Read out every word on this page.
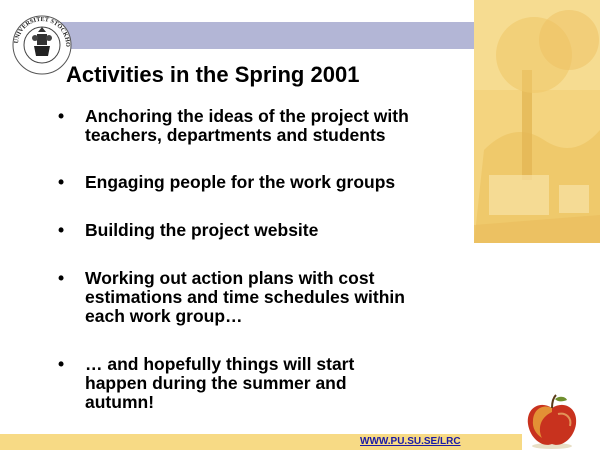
UNIVERSITET STOCKHO
Activities in the Spring 2001
• Anchoring the ideas of the project with
teachers, departments and students
• Engaging people for the work groups
• Building the project website
• Working out action plans with cost
estimations and time schedules within
each work group…
• … and hopefully things will start
happen during the summer and
autumn!
WWW.PU.SU.SE/LRC
